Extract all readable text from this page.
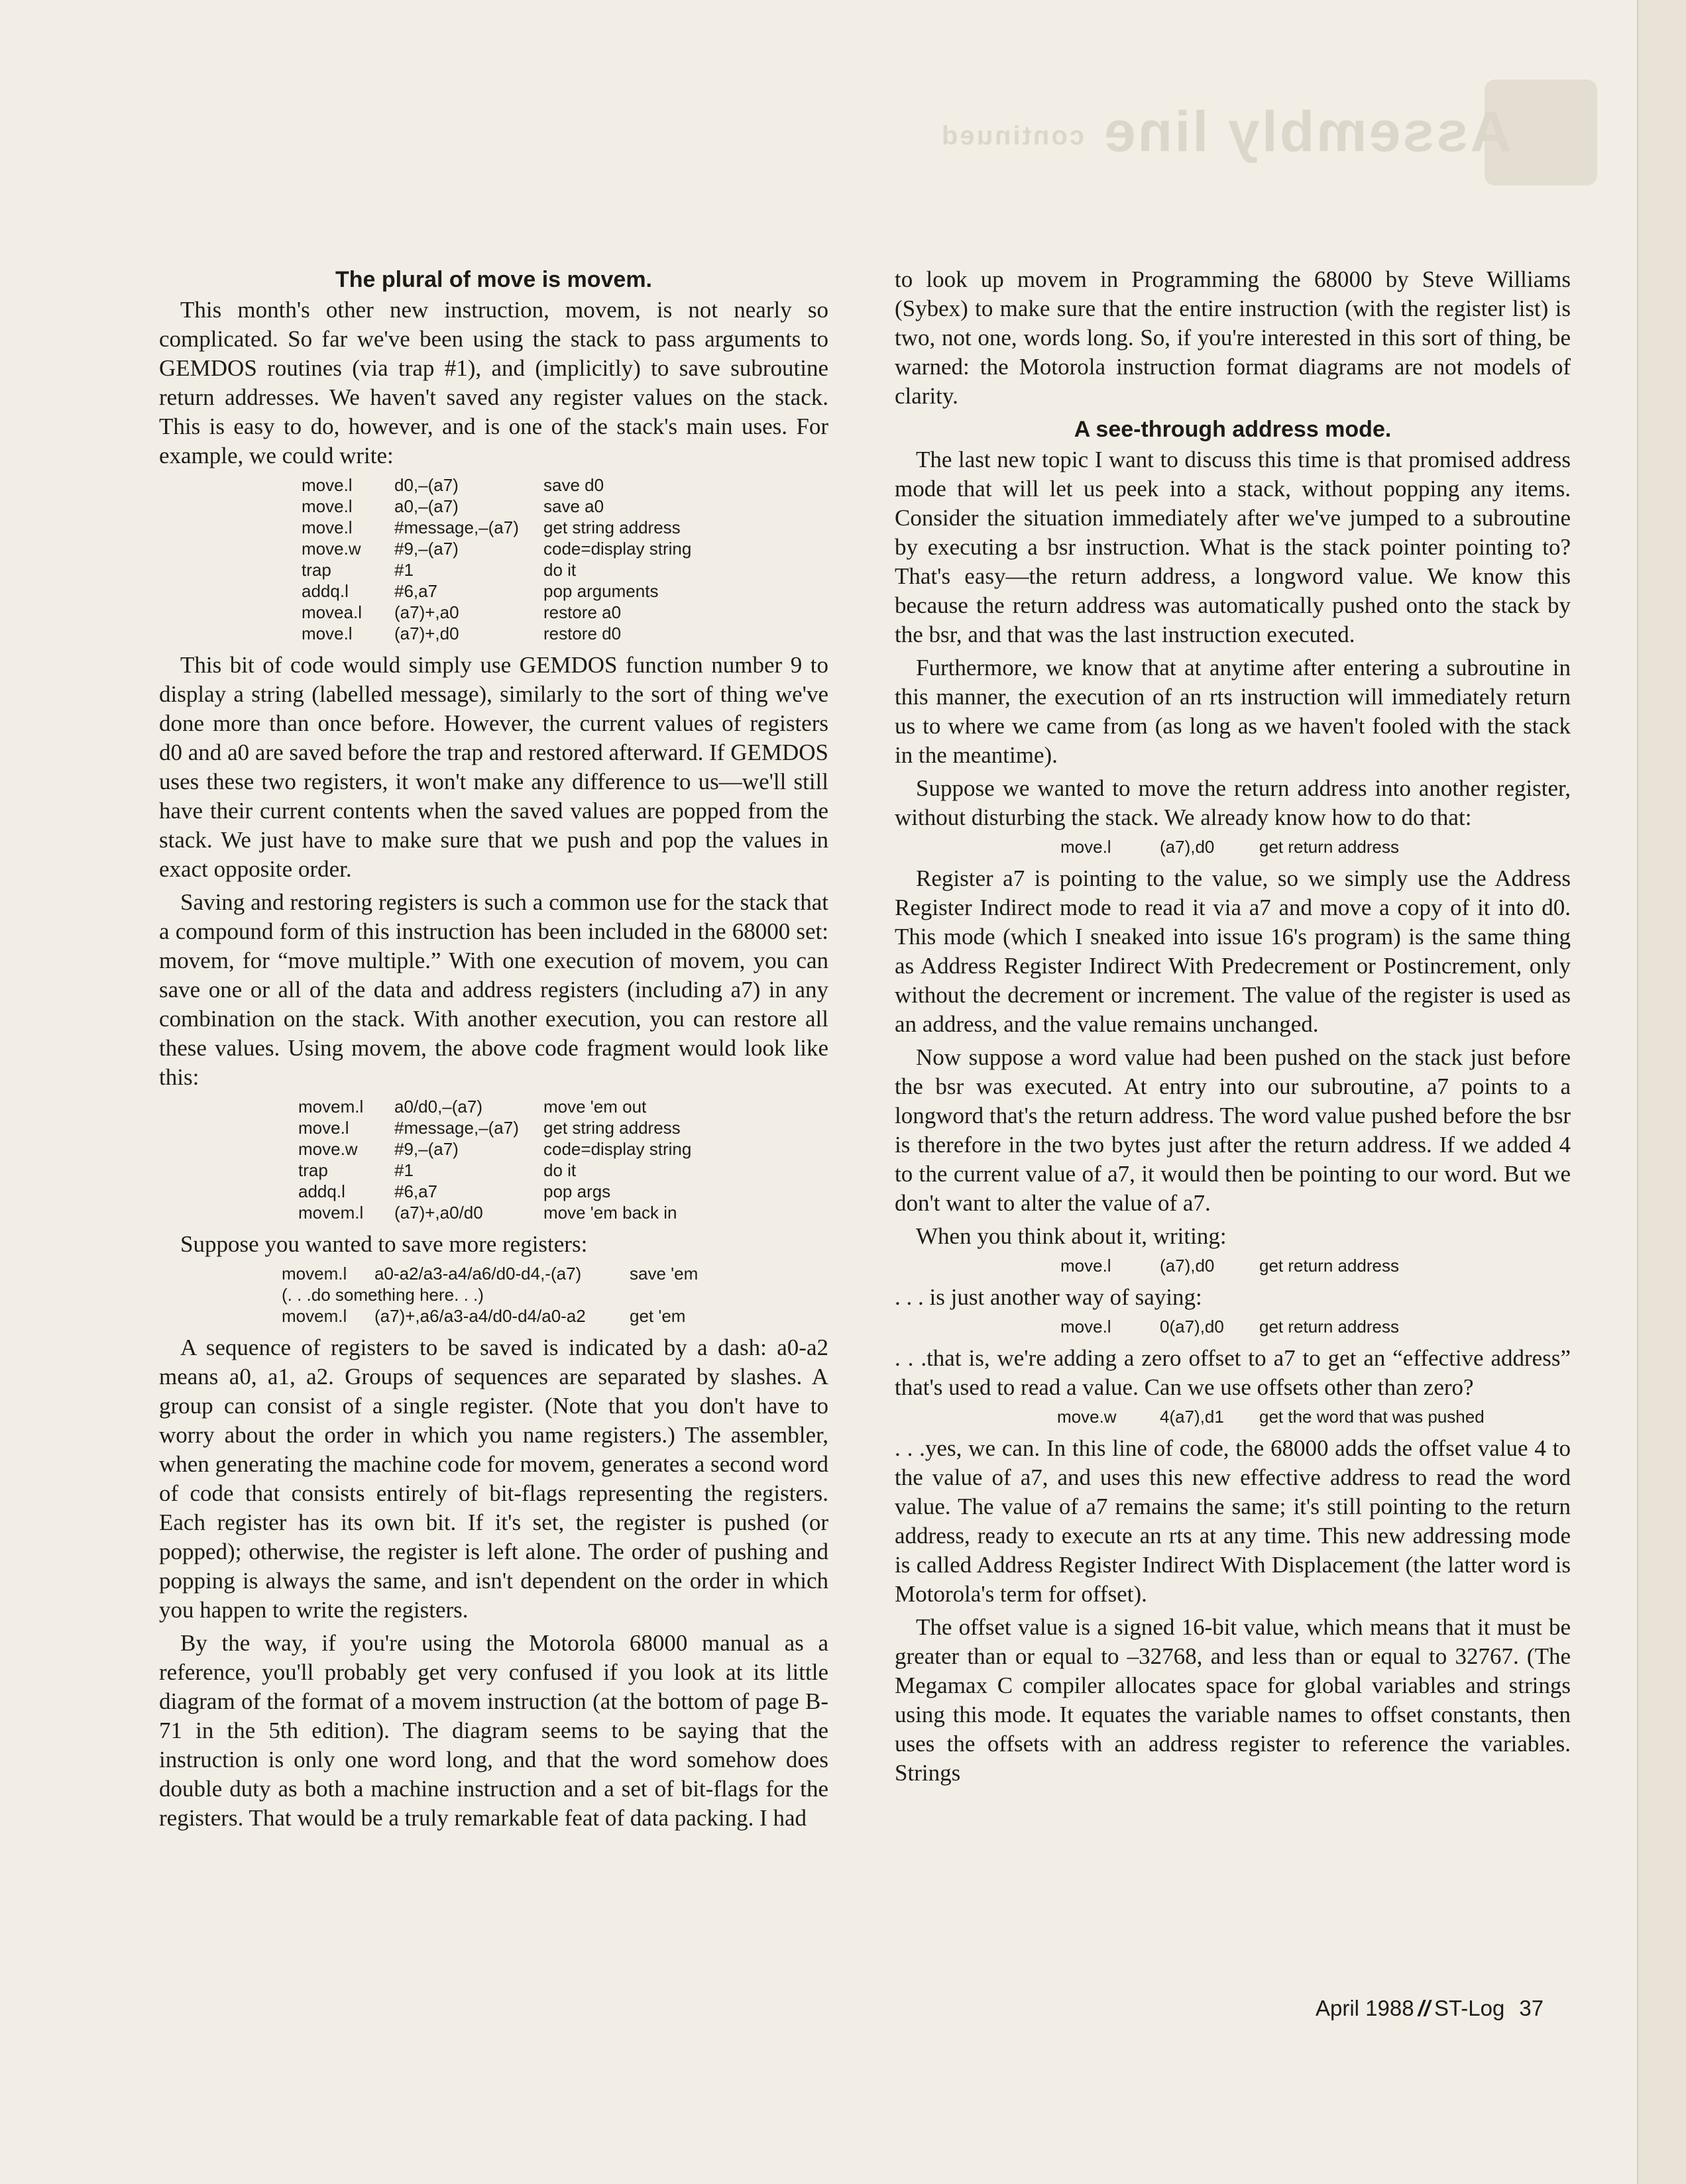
Assembly line continued
The plural of move is movem.

This month's other new instruction, movem, is not nearly so complicated. So far we've been using the stack to pass arguments to GEMDOS routines (via trap #1), and (implicitly) to save subroutine return addresses. We haven't saved any register values on the stack. This is easy to do, however, and is one of the stack's main uses. For example, we could write:

move.l	d0,–(a7)	save d0
move.l	a0,–(a7)	save a0
move.l	#message,–(a7)	get string address
move.w	#9,–(a7)	code=display string
trap	#1	do it
addq.l	#6,a7	pop arguments
movea.l	(a7)+,a0	restore a0
move.l	(a7)+,d0	restore d0

This bit of code would simply use GEMDOS function number 9 to display a string (labelled message), similarly to the sort of thing we've done more than once before. However, the current values of registers d0 and a0 are saved before the trap and restored afterward. If GEMDOS uses these two registers, it won't make any difference to us—we'll still have their current contents when the saved values are popped from the stack. We just have to make sure that we push and pop the values in exact opposite order.

Saving and restoring registers is such a common use for the stack that a compound form of this instruction has been included in the 68000 set: movem, for “move multiple.” With one execution of movem, you can save one or all of the data and address registers (including a7) in any combination on the stack. With another execution, you can restore all these values. Using movem, the above code fragment would look like this:

movem.l	a0/d0,–(a7)	move 'em out
move.l	#message,–(a7)	get string address
move.w	#9,–(a7)	code=display string
trap	#1	do it
addq.l	#6,a7	pop args
movem.l	(a7)+,a0/d0	move 'em back in

Suppose you wanted to save more registers:

movem.l	a0-a2/a3-a4/a6/d0-d4,-(a7)	save 'em
(. . .do something here. . .)		
movem.l	(a7)+,a6/a3-a4/d0-d4/a0-a2	get 'em

A sequence of registers to be saved is indicated by a dash: a0-a2 means a0, a1, a2. Groups of sequences are separated by slashes. A group can consist of a single register. (Note that you don't have to worry about the order in which you name registers.) The assembler, when generating the machine code for movem, generates a second word of code that consists entirely of bit-flags representing the registers. Each register has its own bit. If it's set, the register is pushed (or popped); otherwise, the register is left alone. The order of pushing and popping is always the same, and isn't dependent on the order in which you happen to write the registers.

By the way, if you're using the Motorola 68000 manual as a reference, you'll probably get very confused if you look at its little diagram of the format of a movem instruction (at the bottom of page B-71 in the 5th edition). The diagram seems to be saying that the instruction is only one word long, and that the word somehow does double duty as both a machine instruction and a set of bit-flags for the registers. That would be a truly remarkable feat of data packing. I had

to look up movem in Programming the 68000 by Steve Williams (Sybex) to make sure that the entire instruction (with the register list) is two, not one, words long. So, if you're interested in this sort of thing, be warned: the Motorola instruction format diagrams are not models of clarity.

A see-through address mode.

The last new topic I want to discuss this time is that promised address mode that will let us peek into a stack, without popping any items. Consider the situation immediately after we've jumped to a subroutine by executing a bsr instruction. What is the stack pointer pointing to? That's easy—the return address, a longword value. We know this because the return address was automatically pushed onto the stack by the bsr, and that was the last instruction executed.

Furthermore, we know that at anytime after entering a subroutine in this manner, the execution of an rts instruction will immediately return us to where we came from (as long as we haven't fooled with the stack in the meantime).

Suppose we wanted to move the return address into another register, without disturbing the stack. We already know how to do that:

move.l	(a7),d0	get return address

Register a7 is pointing to the value, so we simply use the Address Register Indirect mode to read it via a7 and move a copy of it into d0. This mode (which I sneaked into issue 16's program) is the same thing as Address Register Indirect With Predecrement or Postincrement, only without the decrement or increment. The value of the register is used as an address, and the value remains unchanged.

Now suppose a word value had been pushed on the stack just before the bsr was executed. At entry into our subroutine, a7 points to a longword that's the return address. The word value pushed before the bsr is therefore in the two bytes just after the return address. If we added 4 to the current value of a7, it would then be pointing to our word. But we don't want to alter the value of a7.

When you think about it, writing:

move.l	(a7),d0	get return address

. . . is just another way of saying:

move.l	0(a7),d0	get return address

. . .that is, we're adding a zero offset to a7 to get an “effective address” that's used to read a value. Can we use offsets other than zero?

move.w	4(a7),d1	get the word that was pushed

. . .yes, we can. In this line of code, the 68000 adds the offset value 4 to the value of a7, and uses this new effective address to read the word value. The value of a7 remains the same; it's still pointing to the return address, ready to execute an rts at any time. This new addressing mode is called Address Register Indirect With Displacement (the latter word is Motorola's term for offset).

The offset value is a signed 16-bit value, which means that it must be greater than or equal to –32768, and less than or equal to 32767. (The Megamax C compiler allocates space for global variables and strings using this mode. It equates the variable names to offset constants, then uses the offsets with an address register to reference the variables. Strings

April 1988 // ST-Log 37
